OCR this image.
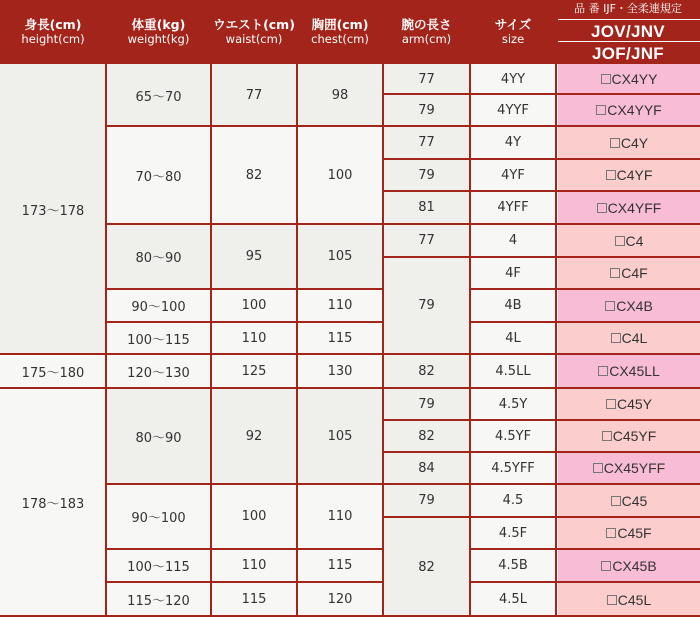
身長(cm)
height(cm)
体重(kg)
weight(kg)
ウエスト(cm)
waist(cm)
胸囲(cm)
chest(cm)
腕の長さ
arm(cm)
サイズ
size
品 番 IJF・全柔連規定
JOV/JNV
JOF/JNF
173〜178
175〜180
178〜183
65〜70
70〜80
80〜90
90〜100
100〜115
120〜130
80〜90
90〜100
100〜115
115〜120
77
82
95
100
110
125
92
100
110
115
98
100
105
110
115
130
105
110
115
120
77
79
77
79
81
77
79
82
79
82
84
79
82
4YY
4YYF
4Y
4YF
4YFF
4
4F
4B
4L
4.5LL
4.5Y
4.5YF
4.5YFF
4.5
4.5F
4.5B
4.5L
CX4YY
CX4YYF
C4Y
C4YF
CX4YFF
C4
C4F
CX4B
C4L
CX45LL
C45Y
C45YF
CX45YFF
C45
C45F
CX45B
C45L
